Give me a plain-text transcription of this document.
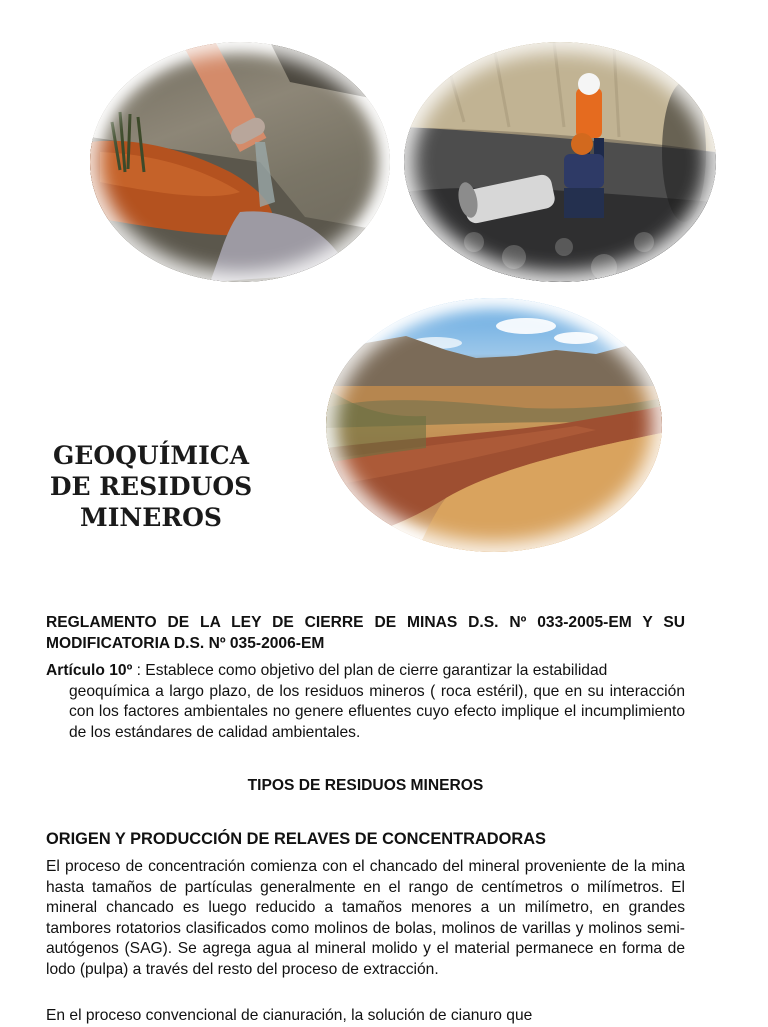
GEOQUÍMICA
DE RESIDUOS
MINEROS
REGLAMENTO DE LA LEY DE CIERRE DE MINAS D.S. Nº 033-2005-EM Y SU MODIFICATORIA D.S. Nº 035-2006-EM
Artículo 10º : Establece como objetivo del plan de cierre garantizar la estabilidad
geoquímica a largo plazo, de los residuos mineros ( roca estéril), que en su interacción con los factores ambientales no genere efluentes cuyo efecto implique el incumplimiento de los estándares de calidad ambientales.
TIPOS DE RESIDUOS MINEROS
ORIGEN Y PRODUCCIÓN DE RELAVES DE CONCENTRADORAS
El proceso de concentración comienza con el chancado del mineral proveniente de la mina hasta tamaños de partículas generalmente en el rango de centímetros o milímetros. El mineral chancado es luego reducido a tamaños menores a un milímetro, en grandes tambores rotatorios clasificados como molinos de bolas, molinos de varillas y molinos semi-autógenos (SAG). Se agrega agua al mineral molido y el material permanece en forma de lodo (pulpa) a través del resto del proceso de extracción.
En el proceso convencional de cianuración, la solución de cianuro que
